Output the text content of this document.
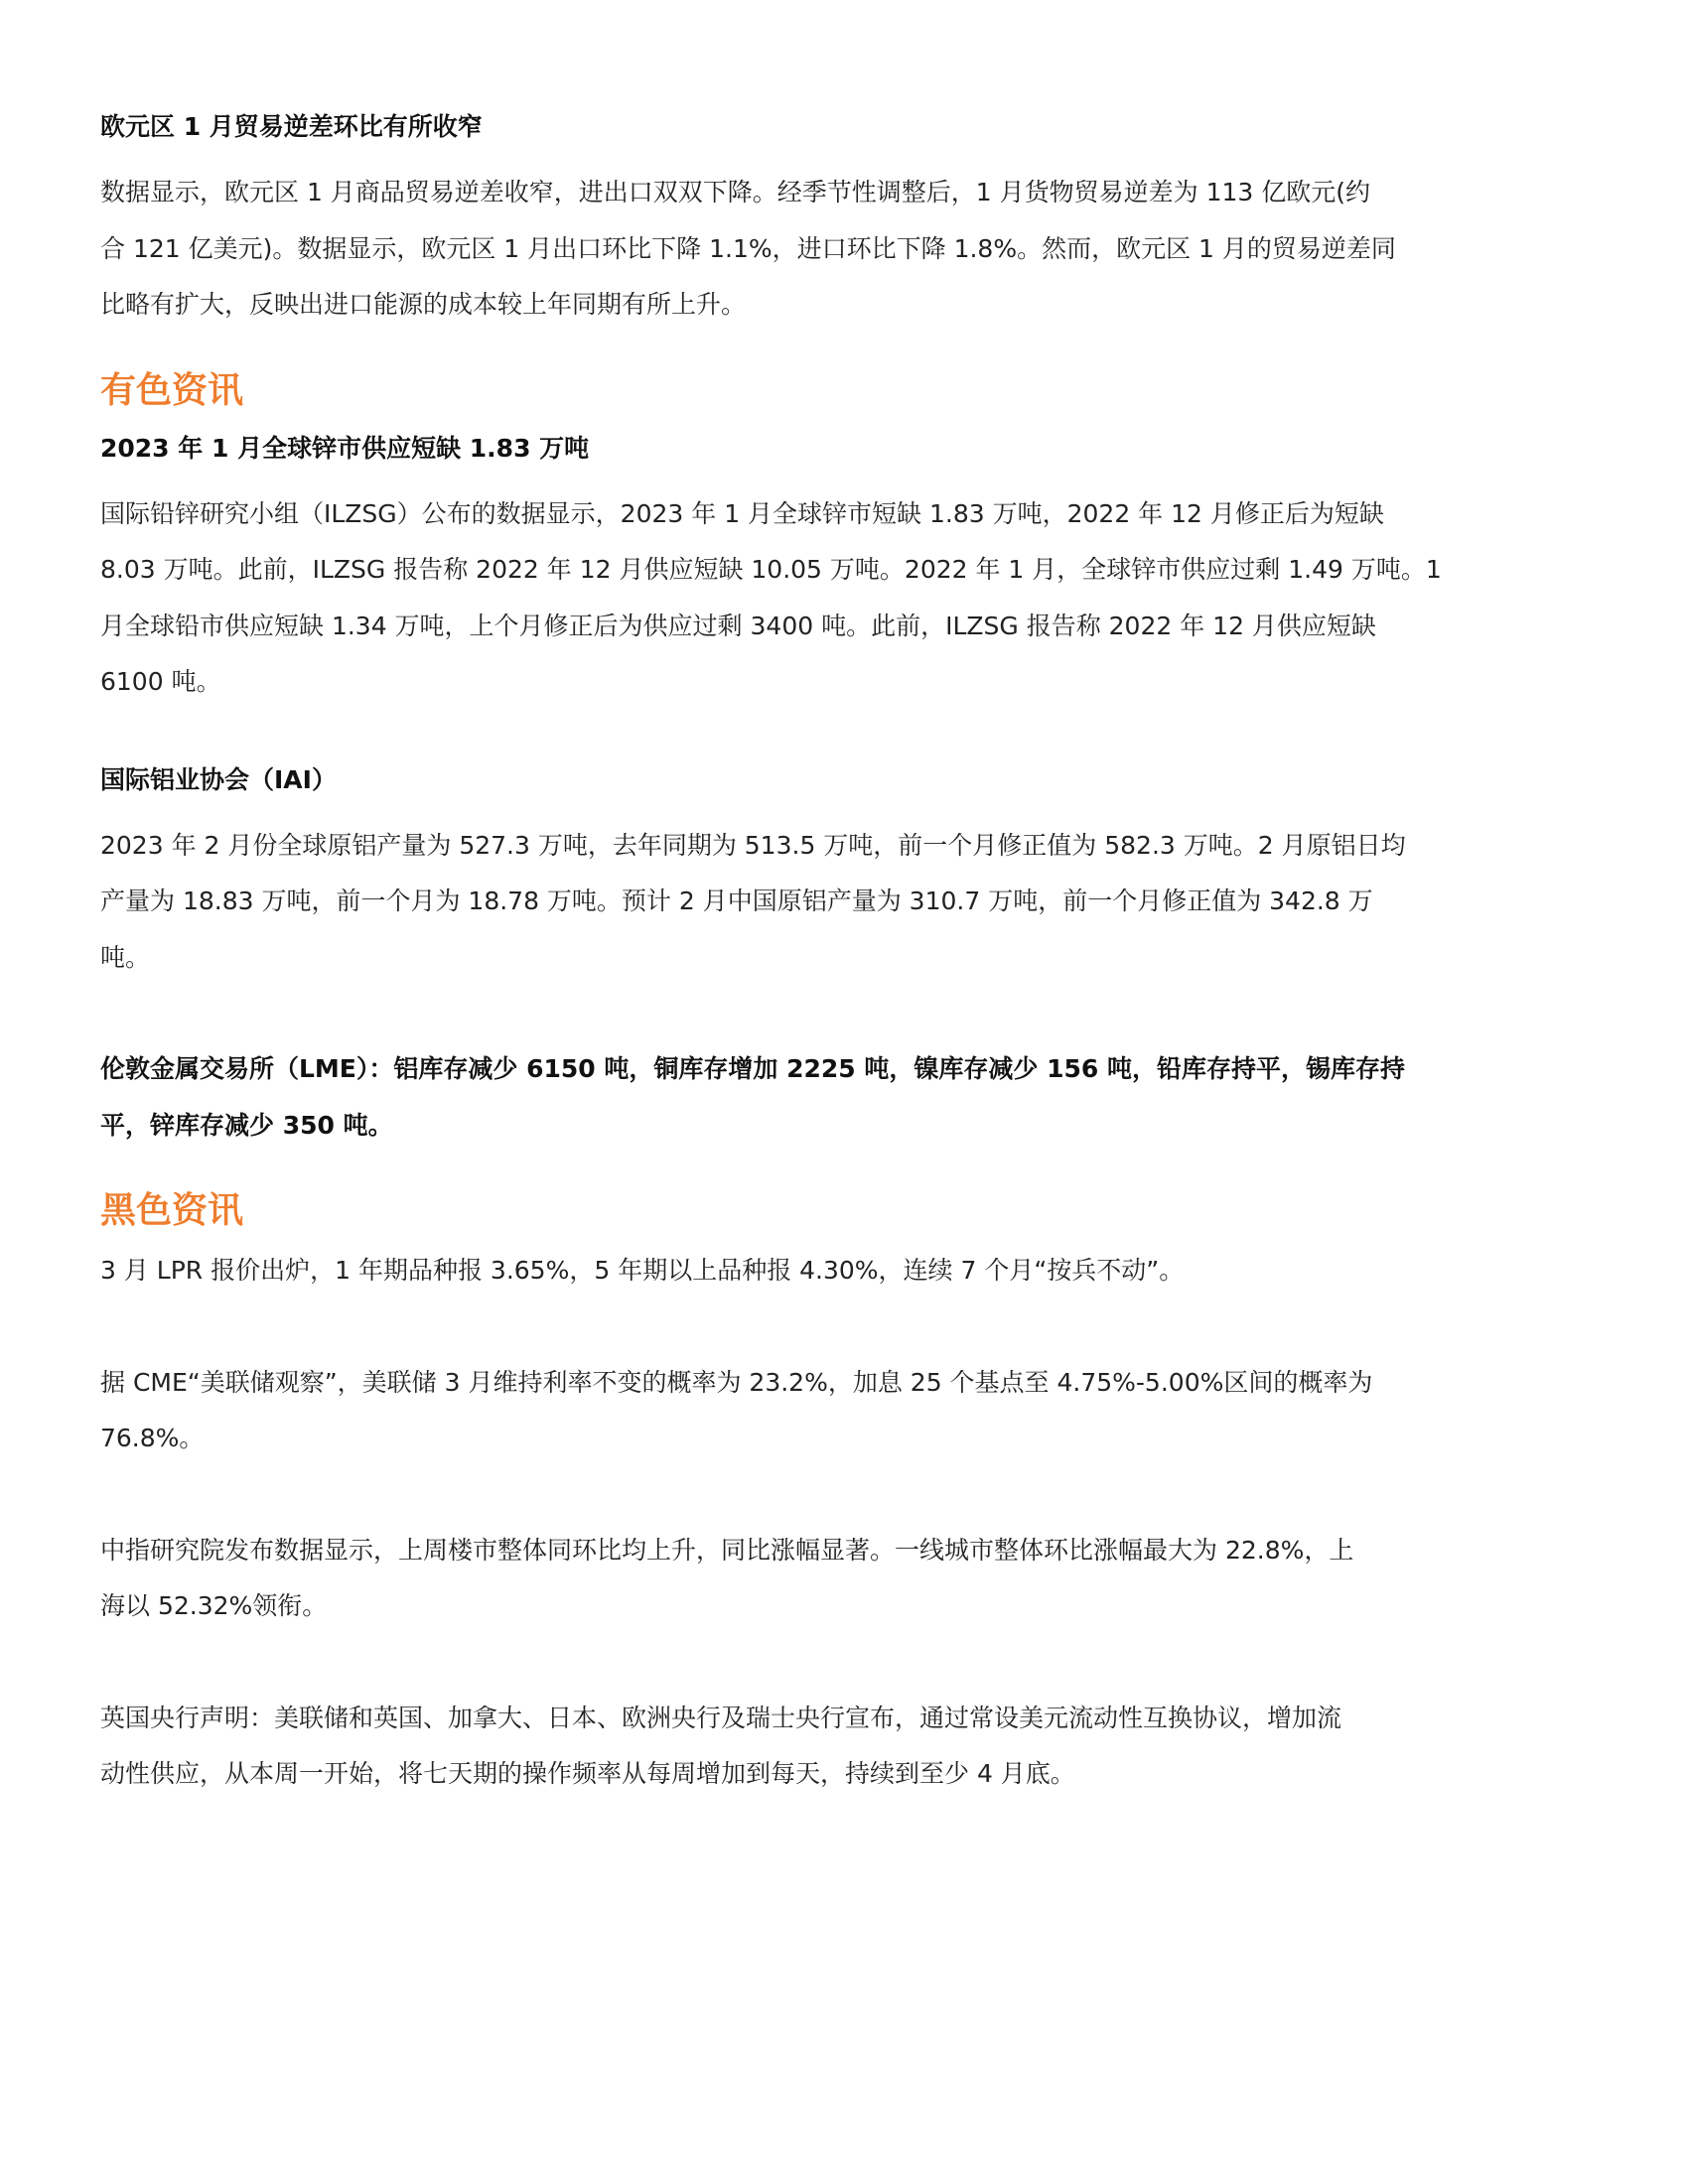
欧元区 1 月贸易逆差环比有所收窄

数据显示，欧元区 1 月商品贸易逆差收窄，进出口双双下降。经季节性调整后，1 月货物贸易逆差为 113 亿欧元(约

合 121 亿美元)。数据显示，欧元区 1 月出口环比下降 1.1%，进口环比下降 1.8%。然而，欧元区 1 月的贸易逆差同

比略有扩大，反映出进口能源的成本较上年同期有所上升。

有色资讯
2023 年 1 月全球锌市供应短缺 1.83 万吨

国际铅锌研究小组（ILZSG）公布的数据显示，2023 年 1 月全球锌市短缺 1.83 万吨，2022 年 12 月修正后为短缺

8.03 万吨。此前，ILZSG 报告称 2022 年 12 月供应短缺 10.05 万吨。2022 年 1 月，全球锌市供应过剩 1.49 万吨。1

月全球铅市供应短缺 1.34 万吨，上个月修正后为供应过剩 3400 吨。此前，ILZSG 报告称 2022 年 12 月供应短缺

6100 吨。

国际铝业协会（IAI）

2023 年 2 月份全球原铝产量为 527.3 万吨，去年同期为 513.5 万吨，前一个月修正值为 582.3 万吨。2 月原铝日均

产量为 18.83 万吨，前一个月为 18.78 万吨。预计 2 月中国原铝产量为 310.7 万吨，前一个月修正值为 342.8 万

吨。

伦敦金属交易所（LME）：铝库存减少 6150 吨，铜库存增加 2225 吨，镍库存减少 156 吨，铅库存持平，锡库存持

平，锌库存减少 350 吨。

黑色资讯

3 月 LPR 报价出炉，1 年期品种报 3.65%，5 年期以上品种报 4.30%，连续 7 个月“按兵不动”。

据 CME“美联储观察”，美联储 3 月维持利率不变的概率为 23.2%，加息 25 个基点至 4.75%-5.00%区间的概率为

76.8%。

中指研究院发布数据显示，上周楼市整体同环比均上升，同比涨幅显著。一线城市整体环比涨幅最大为 22.8%，上

海以 52.32%领衔。

英国央行声明：美联储和英国、加拿大、日本、欧洲央行及瑞士央行宣布，通过常设美元流动性互换协议，增加流

动性供应，从本周一开始，将七天期的操作频率从每周增加到每天，持续到至少 4 月底。
